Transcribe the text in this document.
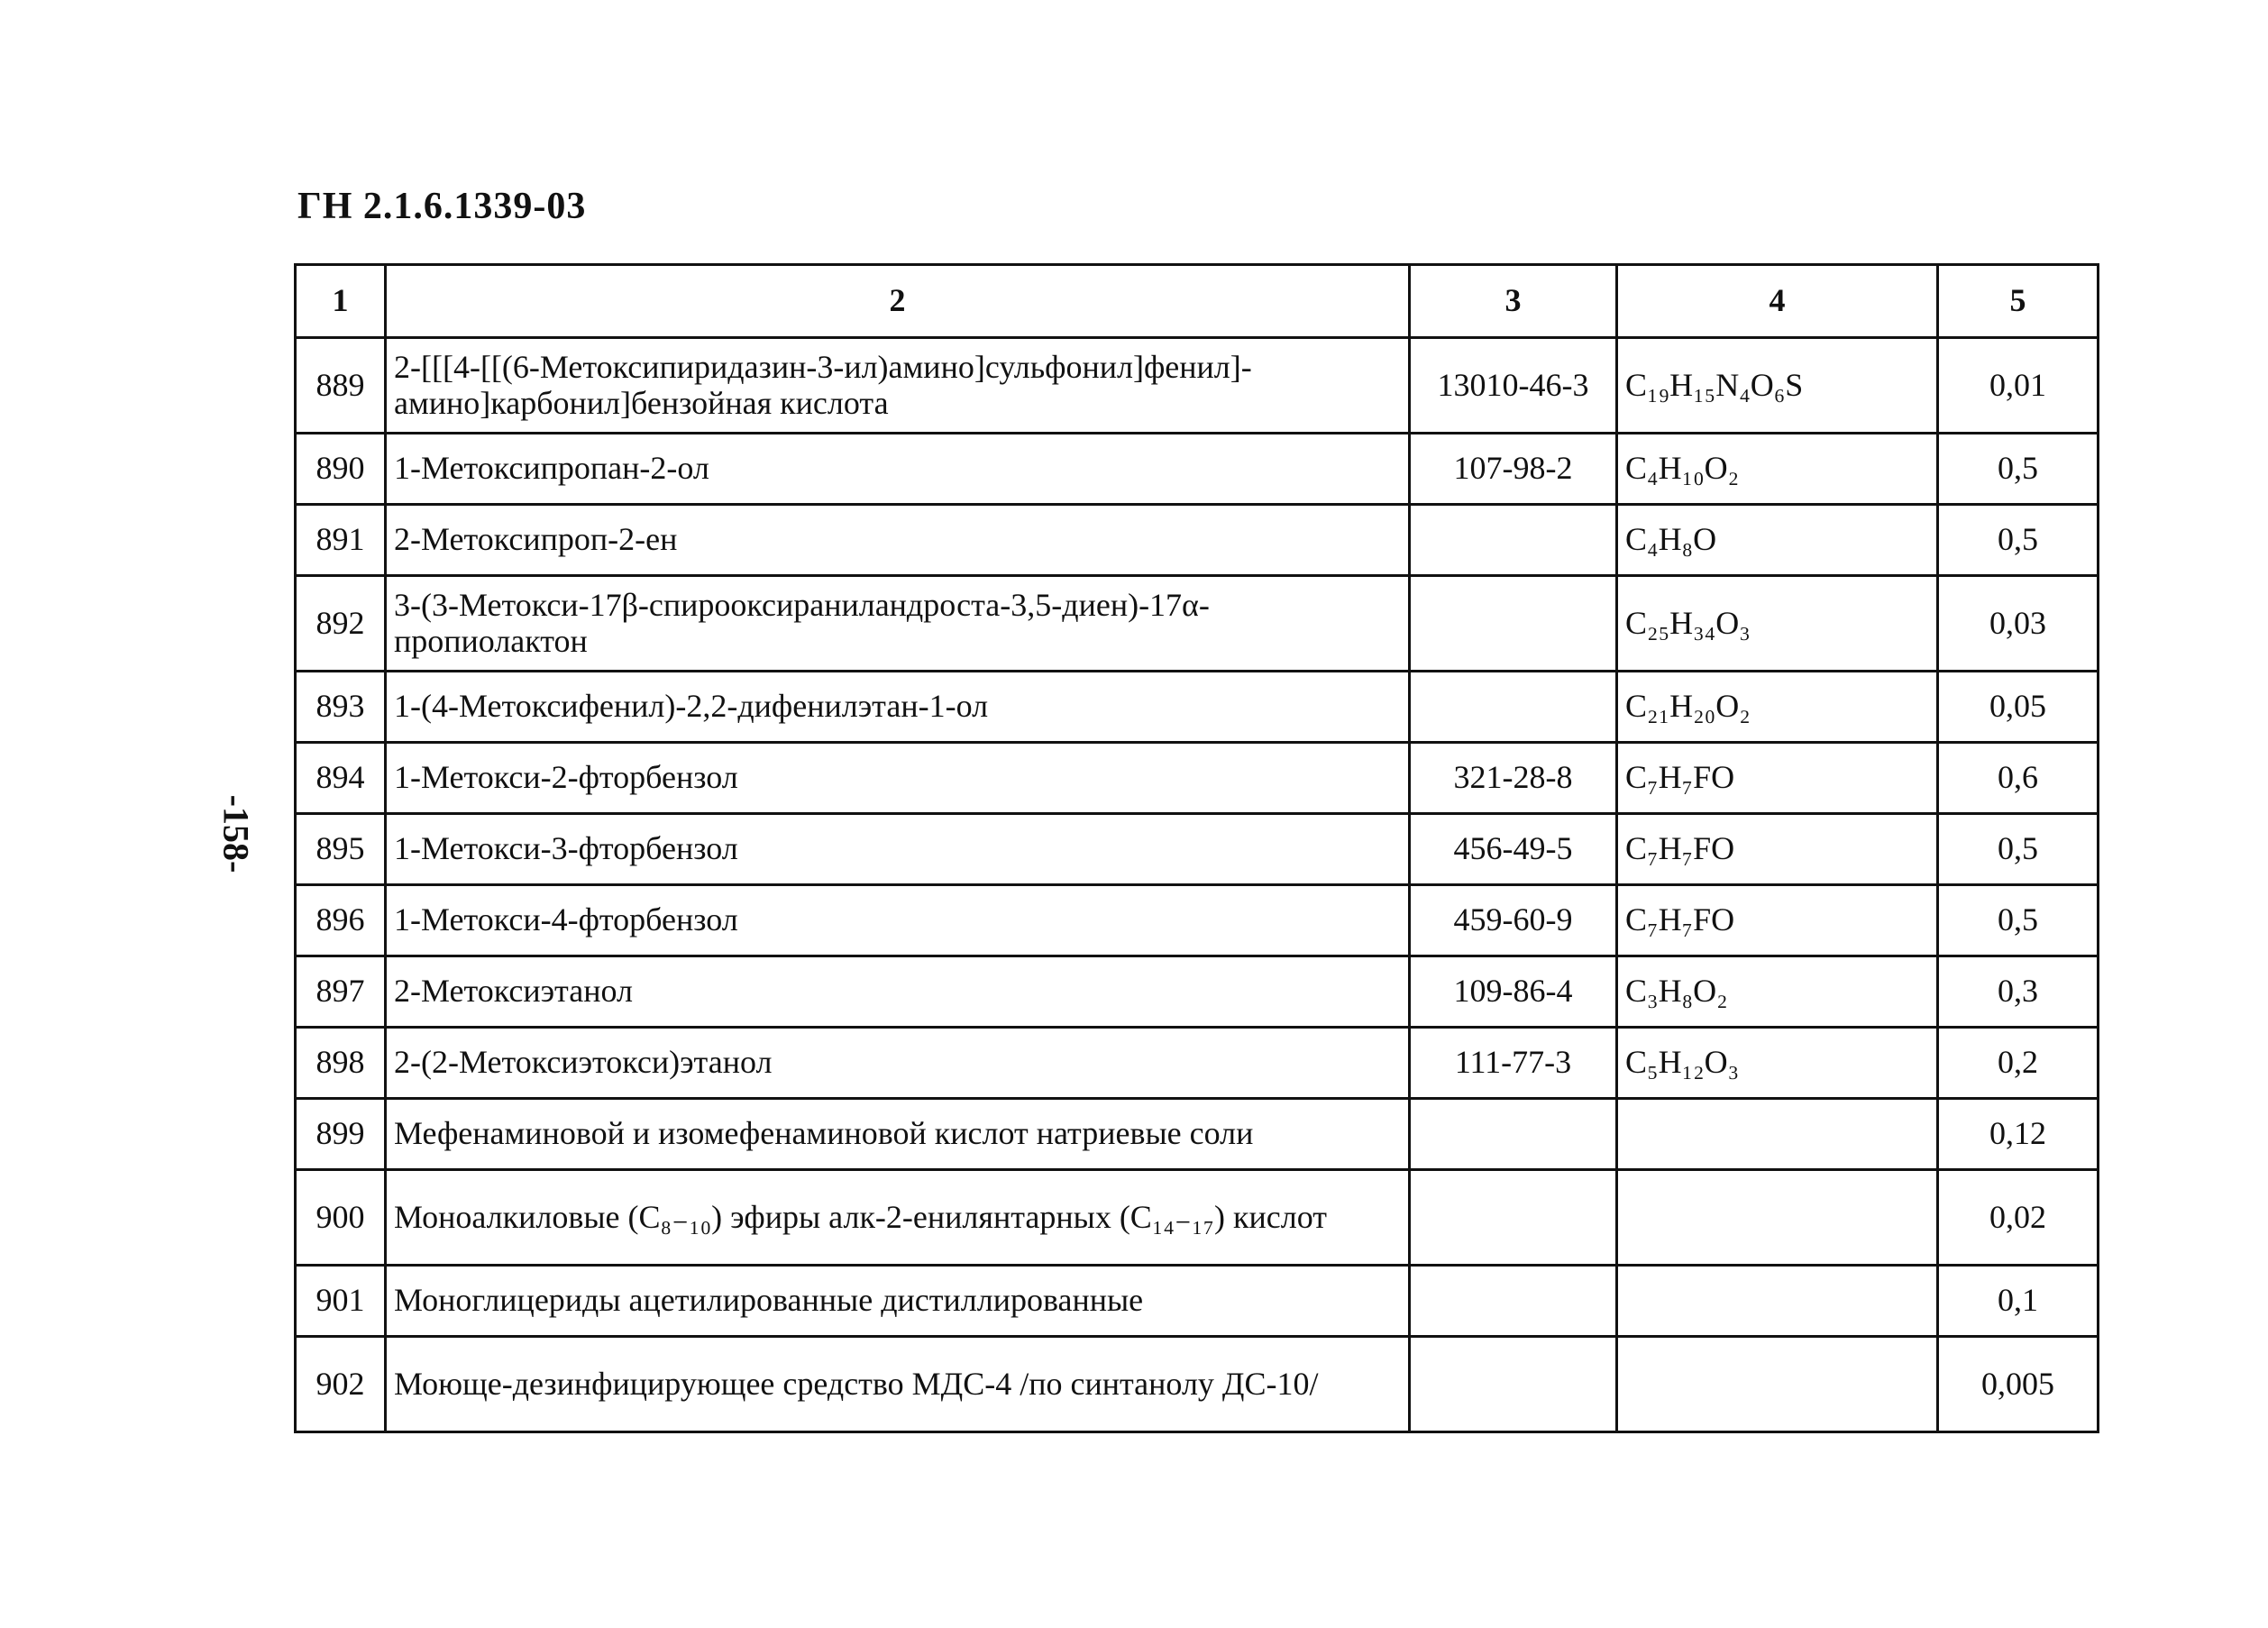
ГН 2.1.6.1339-03
-158-
1	2	3	4	5
889	2-[[[4-[[(6-Метоксипиридазин-3-ил)амино]сульфонил]фенил]-амино]карбонил]бензойная кислота	13010-46-3	C₁₉H₁₅N₄O₆S	0,01
890	1-Метоксипропан-2-ол	107-98-2	C₄H₁₀O₂	0,5
891	2-Метоксипроп-2-ен		C₄H₈O	0,5
892	3-(3-Метокси-17β-спирооксиранилaндроста-3,5-диен)-17α-пропиолактон		C₂₅H₃₄O₃	0,03
893	1-(4-Метоксифенил)-2,2-дифенилэтан-1-ол		C₂₁H₂₀O₂	0,05
894	1-Метокси-2-фторбензол	321-28-8	C₇H₇FO	0,6
895	1-Метокси-3-фторбензол	456-49-5	C₇H₇FO	0,5
896	1-Метокси-4-фторбензол	459-60-9	C₇H₇FO	0,5
897	2-Метоксиэтанол	109-86-4	C₃H₈O₂	0,3
898	2-(2-Метоксиэтокси)этанол	111-77-3	C₅H₁₂O₃	0,2
899	Мефенаминовой и изомефенаминовой кислот натриевые соли			0,12
900	Моноалкиловые (C₈₋₁₀) эфиры алк-2-енилянтарных (C₁₄₋₁₇) кислот			0,02
901	Моноглицериды ацетилированные дистиллированные			0,1
902	Моюще-дезинфицирующее средство МДС-4 /по синтанолу ДС-10/			0,005
